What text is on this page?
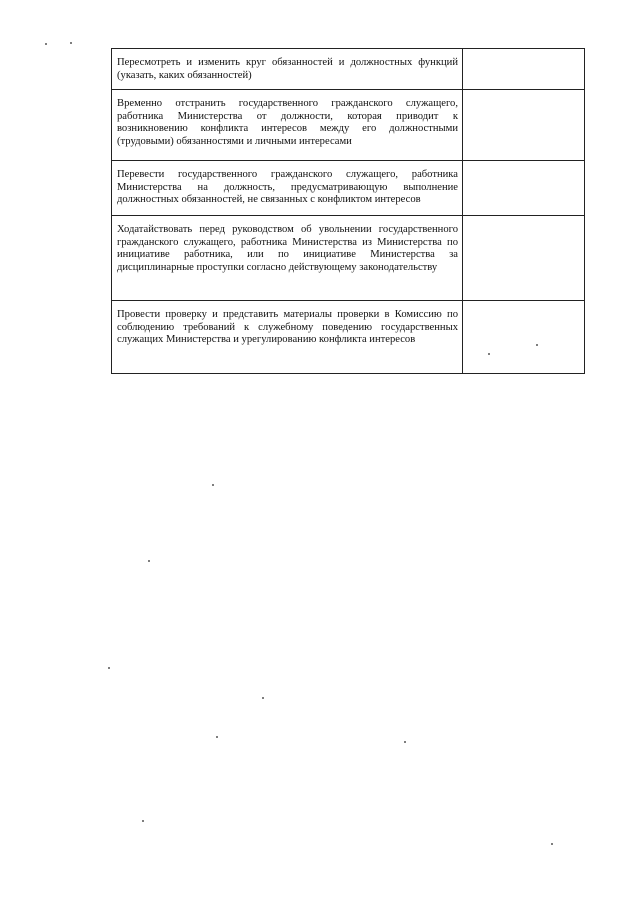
Пересмотреть и изменить круг обязанностей и должностных функций (указать, каких обязанностей)	
Временно отстранить государственного гражданского служащего, работника Министерства от должности, которая приводит к возникновению конфликта интересов между его должностными (трудовыми) обязанностями и личными интересами	
Перевести государственного гражданского служащего, работника Министерства на должность, предусматривающую выполнение должностных обязанностей, не связанных с конфликтом интересов	
Ходатайствовать перед руководством об увольнении государственного гражданского служащего, работника Министерства из Министерства по инициативе работника, или по инициативе Министерства за дисциплинарные проступки согласно действующему законодательству	
Провести проверку и представить материалы проверки в Комиссию по соблюдению требований к служебному поведению государственных служащих Министерства и урегулированию конфликта интересов	
